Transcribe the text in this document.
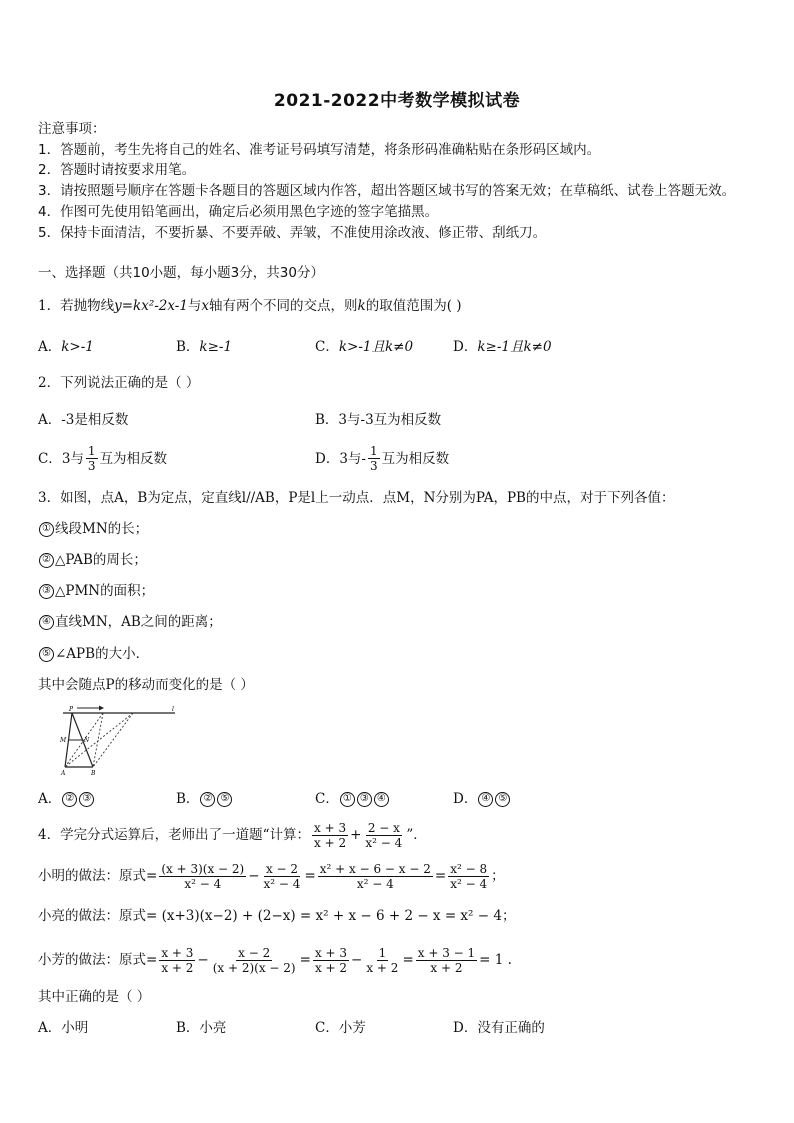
2021-2022中考数学模拟试卷
注意事项：
1．答题前，考生先将自己的姓名、准考证号码填写清楚，将条形码准确粘贴在条形码区域内。
2．答题时请按要求用笔。
3．请按照题号顺序在答题卡各题目的答题区域内作答，超出答题区域书写的答案无效；在草稿纸、试卷上答题无效。
4．作图可先使用铅笔画出，确定后必须用黑色字迹的签字笔描黑。
5．保持卡面清洁，不要折暴、不要弄破、弄皱，不准使用涂改液、修正带、刮纸刀。
一、选择题（共10小题，每小题3分，共30分）
1．若抛物线y=kx²-2x-1与x轴有两个不同的交点，则k的取值范围为( )
A． k>-1	B． k≥-1	C． k>-1且k≠0	D． k≥-1且k≠0
2．下列说法正确的是（ ）
A．-3是相反数	B．3与-3互为相反数
C．3与 $\frac{1}{3}$ 互为相反数	D．3与- $\frac{1}{3}$ 互为相反数
3．如图，点A，B为定点，定直线l//AB，P是l上一动点．点M，N分别为PA，PB的中点，对于下列各值：
① 线段MN的长；
② △PAB的周长；
③ △PMN的面积；
④ 直线MN，AB之间的距离；
⑤ ∠APB的大小．
其中会随点P的移动而变化的是（ ）
P	l
M	N
A	B
A． ② ③	B． ② ⑤	C． ① ③ ④	D． ④ ⑤
4．学完分式运算后，老师出了一道题“计算： $\frac{x + 3}{x + 2} + \frac{2 - x}{\text{x² − 4}}$ ”．
小明的做法：原式 = $\frac{(x + 3)(x - 2)}{\text{x² − 4}} - \frac{x - 2}{\text{x² − 4}} = \frac{\text{x² + x − 6 − x − 2}}{\text{x² − 4}} = \frac{\text{x² − 8}}{\text{x² − 4}}$ ；
小亮的做法：原式 = (x+3)(x−2) + (2−x) = x² + x − 6 + 2 − x = x² − 4；
小芳的做法：原式 = $\frac{x + 3}{x + 2} - \frac{x - 2}{(x + 2)(x - 2)} = \frac{x + 3}{x + 2} - \frac{1}{x + 2} = \frac{x + 3 - 1}{x + 2} = 1$ .
其中正确的是（ ）
A． 小明	B． 小亮	C． 小芳	D． 没有正确的
